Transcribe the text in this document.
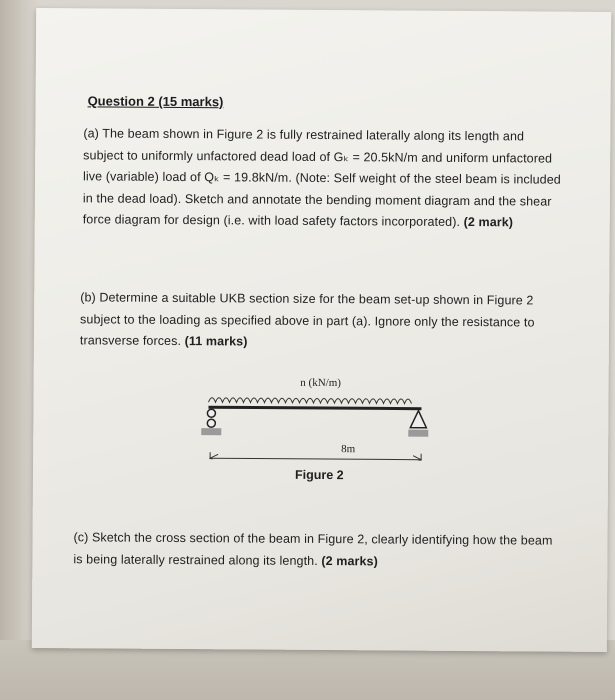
Question 2 (15 marks)
(a) The beam shown in Figure 2 is fully restrained laterally along its length and subject to uniformly unfactored dead load of Gₖ = 20.5kN/m and uniform unfactored live (variable) load of Qₖ = 19.8kN/m. (Note: Self weight of the steel beam is included in the dead load). Sketch and annotate the bending moment diagram and the shear force diagram for design (i.e. with load safety factors incorporated). (2 mark)
(b) Determine a suitable UKB section size for the beam set-up shown in Figure 2 subject to the loading as specified above in part (a). Ignore only the resistance to transverse forces. (11 marks)
n (kN/m)
8m
Figure 2
(c) Sketch the cross section of the beam in Figure 2, clearly identifying how the beam is being laterally restrained along its length. (2 marks)
